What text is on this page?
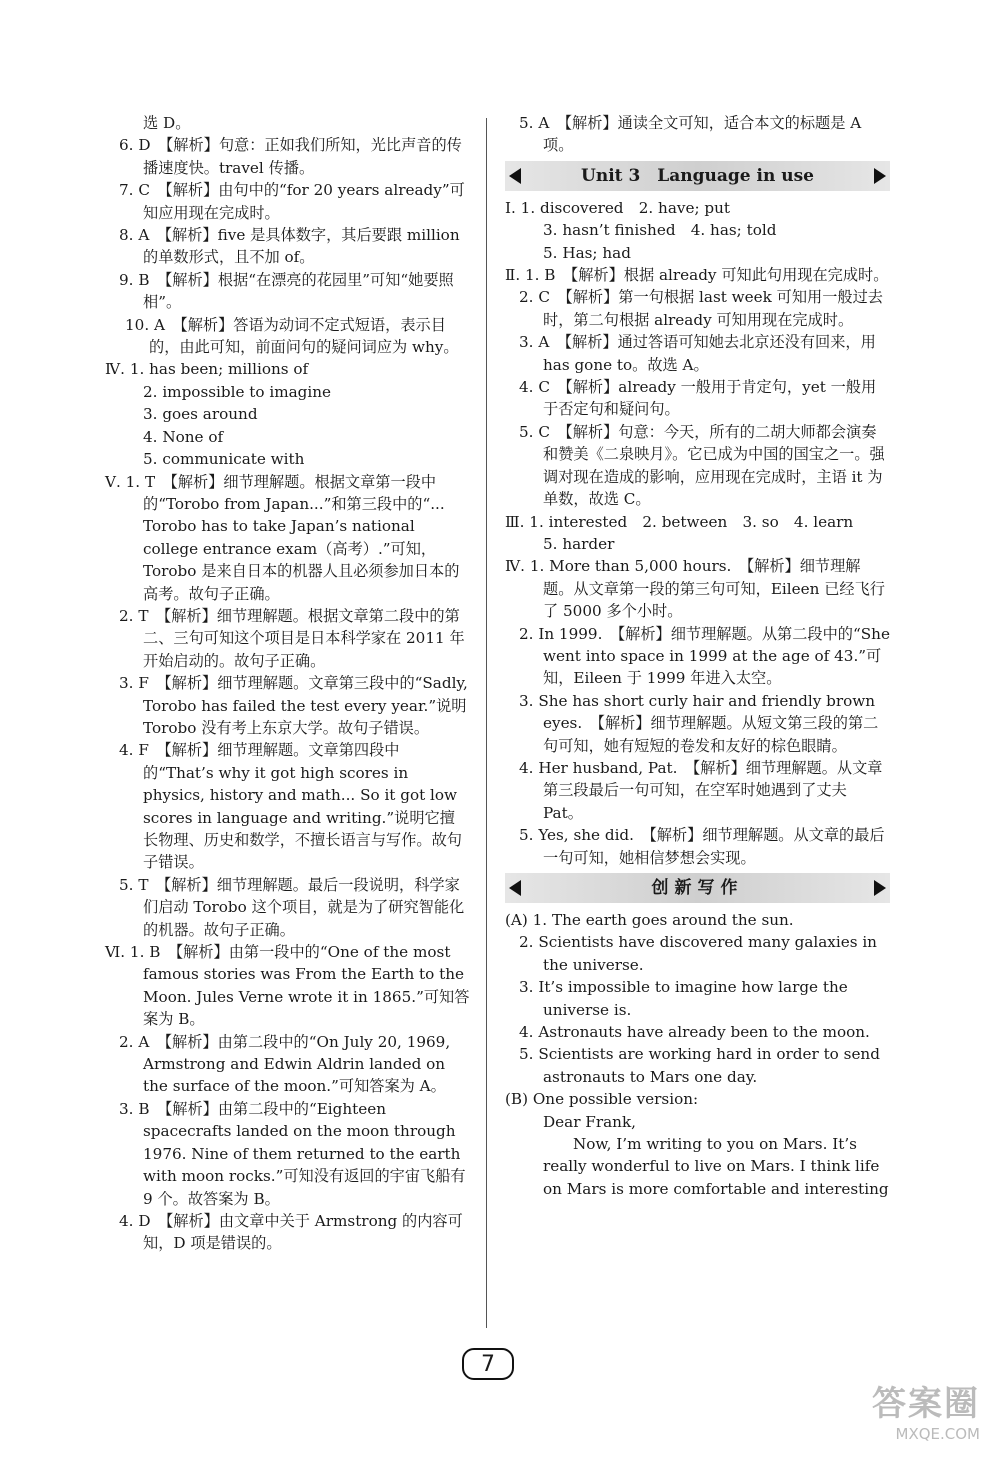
选 D。
6. D　【解析】句意：正如我们所知，光比声音的传播速度快。travel 传播。
7. C　【解析】由句中的“for 20 years already”可知应用现在完成时。
8. A　【解析】five 是具体数字，其后要跟 million 的单数形式，且不加 of。
9. B　【解析】根据“在漂亮的花园里”可知“她要照相”。
10. A　【解析】答语为动词不定式短语，表示目的，由此可知，前面问句的疑问词应为 why。
Ⅳ. 1. has been; millions of
2. impossible to imagine
3. goes around
4. None of
5. communicate with
Ⅴ. 1. T　【解析】细节理解题。根据文章第一段中的“Torobo from Japan...”和第三段中的“... Torobo has to take Japan’s national college entrance exam（高考）.”可知，Torobo 是来自日本的机器人且必须参加日本的高考。故句子正确。
2. T　【解析】细节理解题。根据文章第二段中的第二、三句可知这个项目是日本科学家在 2011 年开始启动的。故句子正确。
3. F　【解析】细节理解题。文章第三段中的“Sadly, Torobo has failed the test every year.”说明 Torobo 没有考上东京大学。故句子错误。
4. F　【解析】细节理解题。文章第四段中的“That’s why it got high scores in physics, history and math... So it got low scores in language and writing.”说明它擅长物理、历史和数学，不擅长语言与写作。故句子错误。
5. T　【解析】细节理解题。最后一段说明，科学家们启动 Torobo 这个项目，就是为了研究智能化的机器。故句子正确。
Ⅵ. 1. B　【解析】由第一段中的“One of the most famous stories was From the Earth to the Moon. Jules Verne wrote it in 1865.”可知答案为 B。
2. A　【解析】由第二段中的“On July 20, 1969, Armstrong and Edwin Aldrin landed on the surface of the moon.”可知答案为 A。
3. B　【解析】由第二段中的“Eighteen spacecrafts landed on the moon through 1976. Nine of them returned to the earth with moon rocks.”可知没有返回的宇宙飞船有 9 个。故答案为 B。
4. D　【解析】由文章中关于 Armstrong 的内容可知，D 项是错误的。
5. A　【解析】通读全文可知，适合本文的标题是 A 项。
Unit 3　Language in use
Ⅰ. 1. discovered　2. have; put
3. hasn’t finished　4. has; told
5. Has; had
Ⅱ. 1. B　【解析】根据 already 可知此句用现在完成时。
2. C　【解析】第一句根据 last week 可知用一般过去时，第二句根据 already 可知用现在完成时。
3. A　【解析】通过答语可知她去北京还没有回来，用 has gone to。故选 A。
4. C　【解析】already 一般用于肯定句，yet 一般用于否定句和疑问句。
5. C　【解析】句意：今天，所有的二胡大师都会演奏和赞美《二泉映月》。它已成为中国的国宝之一。强调对现在造成的影响，应用现在完成时，主语 it 为单数，故选 C。
Ⅲ. 1. interested　2. between　3. so　4. learn
5. harder
Ⅳ. 1. More than 5,000 hours.　【解析】细节理解题。从文章第一段的第三句可知，Eileen 已经飞行了 5000 多个小时。
2. In 1999.　【解析】细节理解题。从第二段中的“She went into space in 1999 at the age of 43.”可知，Eileen 于 1999 年进入太空。
3. She has short curly hair and friendly brown eyes.　【解析】细节理解题。从短文第三段的第二句可知，她有短短的卷发和友好的棕色眼睛。
4. Her husband, Pat.　【解析】细节理解题。从文章第三段最后一句可知，在空军时她遇到了丈夫 Pat。
5. Yes, she did.　【解析】细节理解题。从文章的最后一句可知，她相信梦想会实现。
创新写作
(A) 1. The earth goes around the sun.
2. Scientists have discovered many galaxies in the universe.
3. It’s impossible to imagine how large the universe is.
4. Astronauts have already been to the moon.
5. Scientists are working hard in order to send astronauts to Mars one day.
(B) One possible version:
Dear Frank,
Now, I’m writing to you on Mars. It’s really wonderful to live on Mars. I think life on Mars is more comfortable and interesting
7
答案圈
MXQE.COM
